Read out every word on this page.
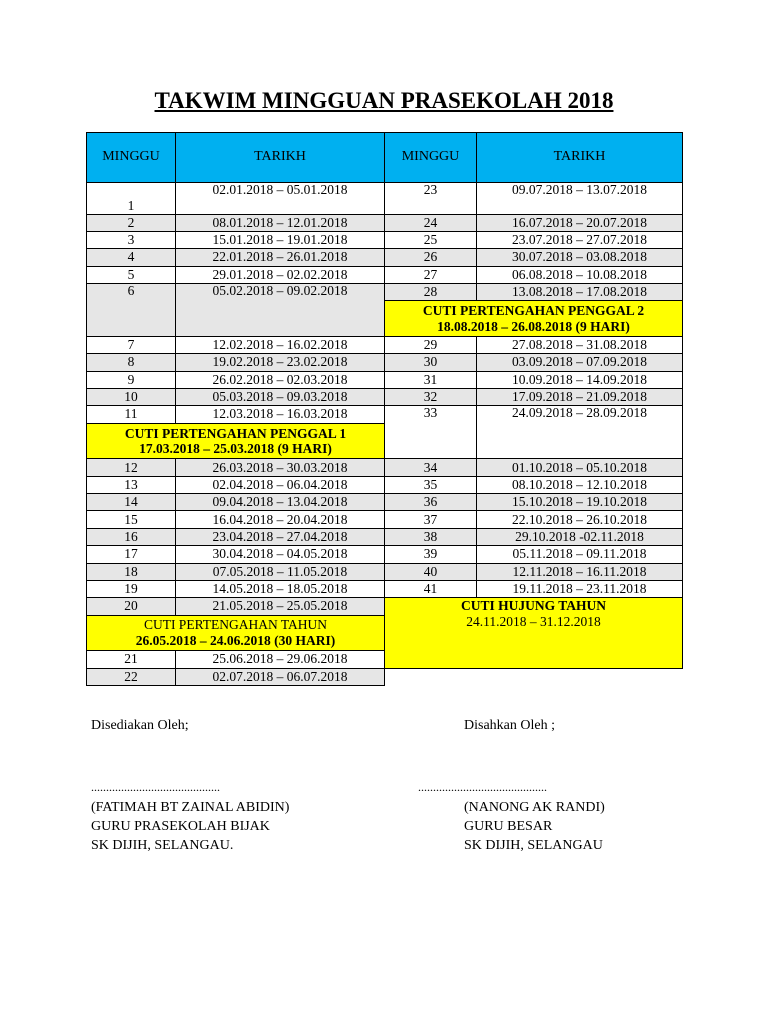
TAKWIM MINGGUAN PRASEKOLAH 2018
MINGGU	TARIKH	MINGGU	TARIKH
1	02.01.2018 – 05.01.2018	23	09.07.2018 – 13.07.2018
2	08.01.2018 – 12.01.2018	24	16.07.2018 – 20.07.2018
3	15.01.2018 – 19.01.2018	25	23.07.2018 – 27.07.2018
4	22.01.2018 – 26.01.2018	26	30.07.2018 – 03.08.2018
5	29.01.2018 – 02.02.2018	27	06.08.2018 – 10.08.2018
6	05.02.2018 – 09.02.2018	28	13.08.2018 – 17.08.2018

		CUTI PERTENGAHAN PENGGAL 2
18.08.2018 – 26.08.2018 (9 HARI)	

7	12.02.2018 – 16.02.2018	29	27.08.2018 – 31.08.2018
8	19.02.2018 – 23.02.2018	30	03.09.2018 – 07.09.2018
9	26.02.2018 – 02.03.2018	31	10.09.2018 – 14.09.2018
10	05.03.2018 – 09.03.2018	32	17.09.2018 – 21.09.2018
11	12.03.2018 – 16.03.2018	33	24.09.2018 – 28.09.2018

CUTI PERTENGAHAN PENGGAL 1
17.03.2018 – 25.03.2018 (9 HARI)			

12	26.03.2018 – 30.03.2018	34	01.10.2018 – 05.10.2018
13	02.04.2018 – 06.04.2018	35	08.10.2018 – 12.10.2018
14	09.04.2018 – 13.04.2018	36	15.10.2018 – 19.10.2018
15	16.04.2018 – 20.04.2018	37	22.10.2018 – 26.10.2018
16	23.04.2018 – 27.04.2018	38	29.10.2018 -02.11.2018
17	30.04.2018 – 04.05.2018	39	05.11.2018 – 09.11.2018
18	07.05.2018 – 11.05.2018	40	12.11.2018 – 16.11.2018
19	14.05.2018 – 18.05.2018	41	19.11.2018 – 23.11.2018
20	21.05.2018 – 25.05.2018	CUTI HUJUNG TAHUN
24.11.2018 – 31.12.2018	

CUTI PERTENGAHAN TAHUN
26.05.2018 – 24.06.2018 (30 HARI)			

21	25.06.2018 – 29.06.2018		
22	02.07.2018 – 06.07.2018		
Disediakan Oleh;	Disahkan Oleh ;
...........................................	...........................................
(FATIMAH BT ZAINAL ABIDIN)
GURU PRASEKOLAH BIJAK
SK DIJIH, SELANGAU.
(NANONG AK RANDI)
GURU BESAR
SK DIJIH, SELANGAU
